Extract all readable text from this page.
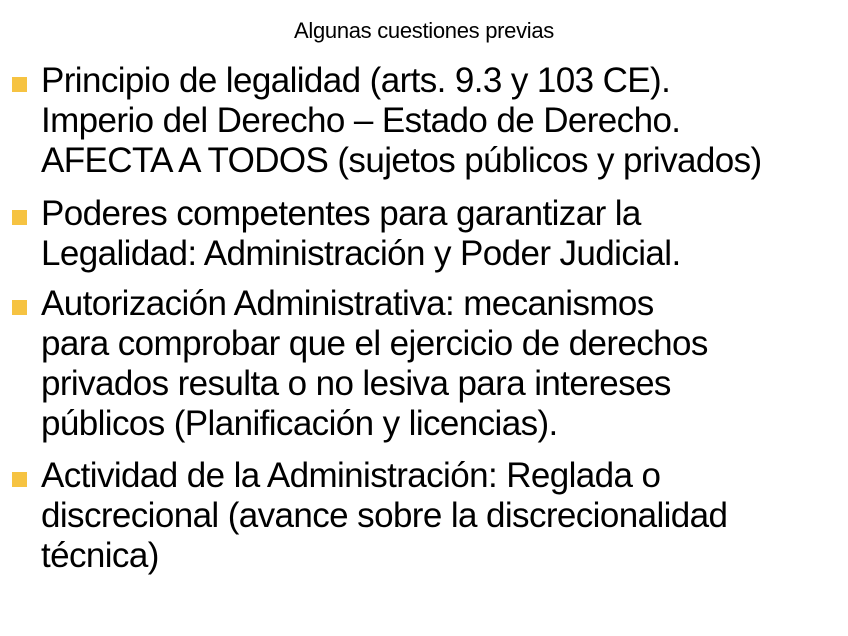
Algunas cuestiones previas
Principio de legalidad (arts. 9.3 y 103 CE).
Imperio del Derecho – Estado de Derecho.
AFECTA A TODOS (sujetos públicos y privados)
Poderes competentes para garantizar la
Legalidad: Administración y Poder Judicial.
Autorización Administrativa: mecanismos
para comprobar que el ejercicio de derechos
privados resulta o no lesiva para intereses
públicos (Planificación y licencias).
Actividad de la Administración: Reglada o
discrecional (avance sobre la discrecionalidad
técnica)
